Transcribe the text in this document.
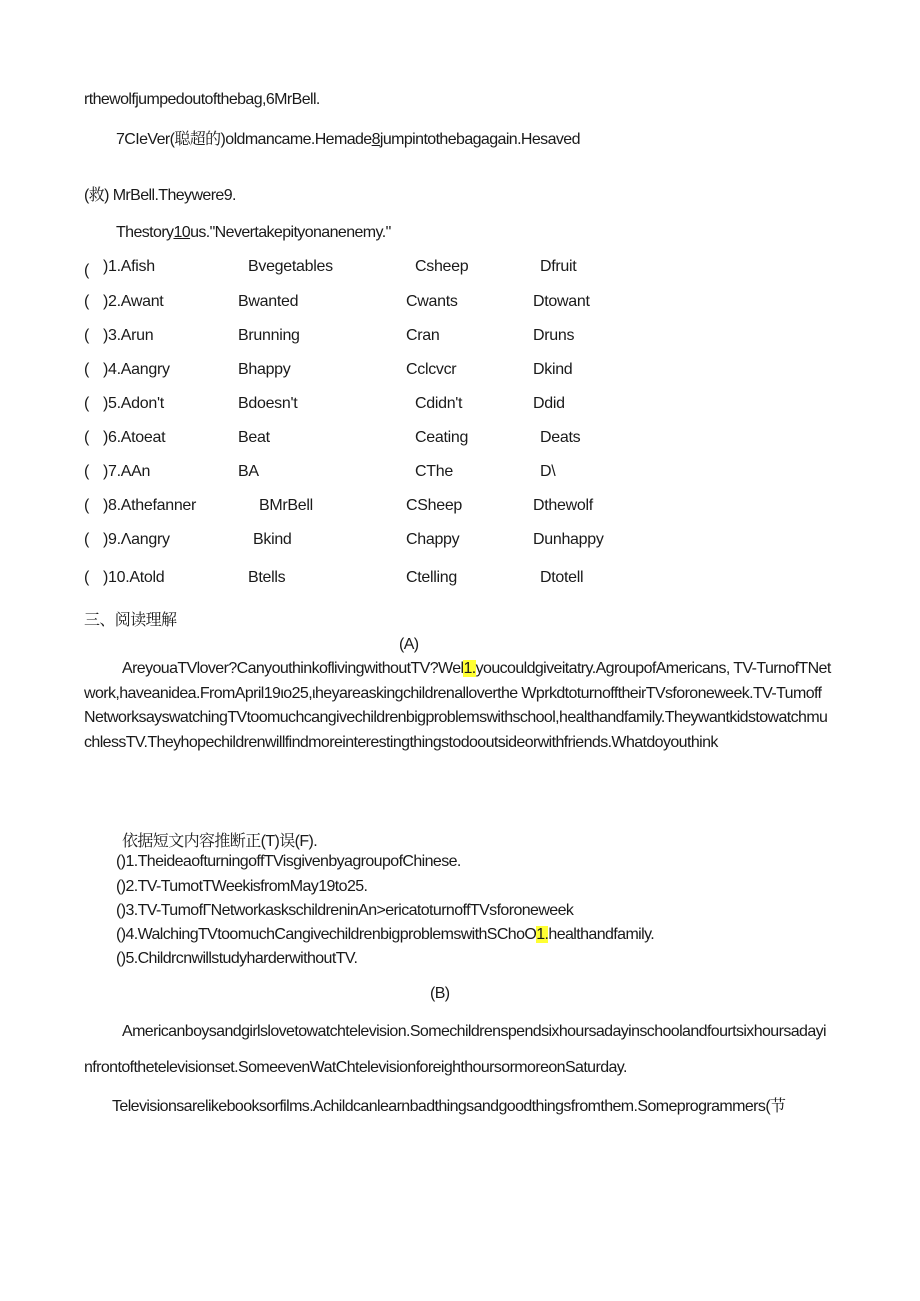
rthewolfjumpedoutofthebag,6MrBell.
7CIeVer(聪超的)oldmancame.Hemade8jumpintothebagagain.Hesaved
(救) MrBell.Theywere9.
Thestory10us."Nevertakepityonanenemy."
( )1.Afish	Bvegetables	Csheep	Dfruit
( )2.Awant	Bwanted	Cwants	Dtowant
( )3.Arun	Brunning	Cran	Druns
( )4.Aangry	Bhappy	Cclcvcr	Dkind
( )5.Adon't	Bdoesn't	Cdidn't	Ddid
( )6.Atoeat	Beat	Ceating	Deats
( )7.AAn	BA	CThe	D\
( )8.Athefanner	BMrBell	CSheep	Dthewolf
( )9.Λangry	Bkind	Chappy	Dunhappy
( )10.Atold	Btells	Ctelling	Dtotell
三、阅读理解
(A)
AreyouaTVlover?CanyouthinkoflivingwithoutTV?Wel1.youcouldgiveitatry.AgroupofAmericans, TV-TurnofTNetwork,haveanidea.FromApril19ιo25,ιheyareaskingchildrenalloverthe WprkdtoturnofftheirTVsforoneweek.TV-TumoffNetworksayswatchingTVtoomuchcangivechildrenbigproblemswithschool,healthandfamily.TheywantkidstowatchmuchlessTV.Theyhopechildrenwillfindmoreinterestingthingstodooutsideorwithfriends.Whatdoyouthink
依据短文内容推断正(T)误(F).
()1.TheideaofturningoffTVisgivenbyagroupofChinese.
()2.TV-TumotTWeekisfromMay19to25.
()3.TV-TumofΓNetworkaskschildreninAn>ericatoturnoffTVsforoneweek
()4.WalchingTVtoomuchCangivechildrenbigproblemswithSChoO1.healthandfamily.
()5.ChildrcnwillstudyharderwithoutTV.
(B)
Americanboysandgirlslovetowatchtelevision.Somechildrenspendsixhoursadayinschoolandfourtsixhoursadayinfrontofthetelevisionset.SomeevenWatChtelevisionforeighthoursormoreonSaturday.
Televisionsarelikebooksorfilms.Achildcanlearnbadthingsandgoodthingsfromthem.Someprogrammers(节
